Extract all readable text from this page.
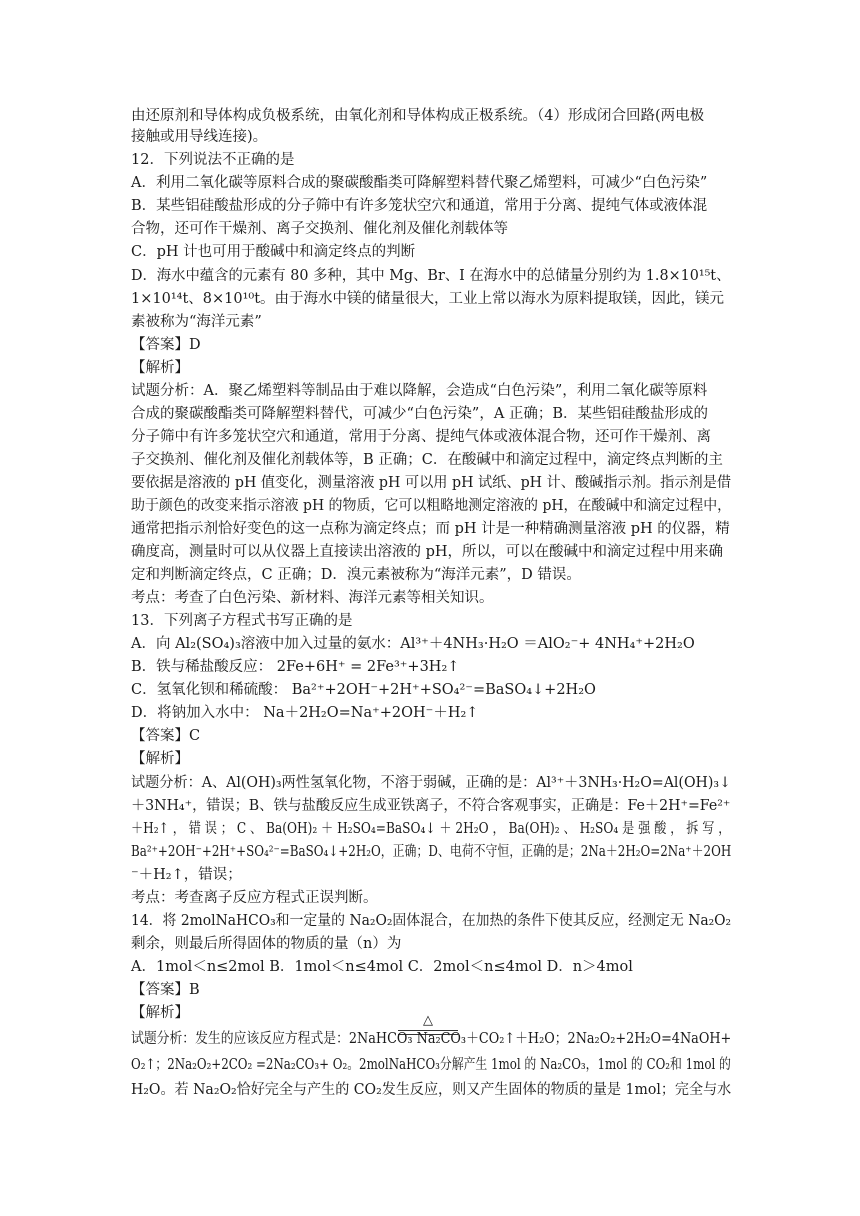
由还原剂和导体构成负极系统，由氧化剂和导体构成正极系统。（4）形成闭合回路(两电极
接触或用导线连接)。
12．下列说法不正确的是
A．利用二氧化碳等原料合成的聚碳酸酯类可降解塑料替代聚乙烯塑料，可减少“白色污染”
B．某些铝硅酸盐形成的分子筛中有许多笼状空穴和通道，常用于分离、提纯气体或液体混
合物，还可作干燥剂、离子交换剂、催化剂及催化剂载体等
C．pH 计也可用于酸碱中和滴定终点的判断
D．海水中蕴含的元素有 80 多种，其中 Mg、Br、I 在海水中的总储量分别约为 1.8×10¹⁵t、
1×10¹⁴t、8×10¹⁰t。由于海水中镁的储量很大，工业上常以海水为原料提取镁，因此，镁元
素被称为“海洋元素”
【答案】D
【解析】
试题分析：A．聚乙烯塑料等制品由于难以降解，会造成“白色污染”，利用二氧化碳等原料
合成的聚碳酸酯类可降解塑料替代，可减少“白色污染”，A 正确；B．某些铝硅酸盐形成的
分子筛中有许多笼状空穴和通道，常用于分离、提纯气体或液体混合物，还可作干燥剂、离
子交换剂、催化剂及催化剂载体等，B 正确；C．在酸碱中和滴定过程中，滴定终点判断的主
要依据是溶液的 pH 值变化，测量溶液 pH 可以用 pH 试纸、pH 计、酸碱指示剂。指示剂是借
助于颜色的改变来指示溶液 pH 的物质，它可以粗略地测定溶液的 pH，在酸碱中和滴定过程中，
通常把指示剂恰好变色的这一点称为滴定终点；而 pH 计是一种精确测量溶液 pH 的仪器，精
确度高，测量时可以从仪器上直接读出溶液的 pH，所以，可以在酸碱中和滴定过程中用来确
定和判断滴定终点，C 正确；D．溴元素被称为“海洋元素”，D 错误。
考点：考查了白色污染、新材料、海洋元素等相关知识。
13．下列离子方程式书写正确的是
A．向 Al₂(SO₄)₃溶液中加入过量的氨水：Al³⁺＋4NH₃·H₂O ＝AlO₂⁻+ 4NH₄⁺+2H₂O
B．铁与稀盐酸反应： 2Fe+6H⁺ = 2Fe³⁺+3H₂↑
C．氢氧化钡和稀硫酸： Ba²⁺+2OH⁻+2H⁺+SO₄²⁻=BaSO₄↓+2H₂O
D．将钠加入水中： Na＋2H₂O=Na⁺+2OH⁻＋H₂↑
【答案】C
【解析】
试题分析：A、Al(OH)₃两性氢氧化物，不溶于弱碱，正确的是：Al³⁺＋3NH₃·H₂O=Al(OH)₃↓
＋3NH₄⁺，错误；B、铁与盐酸反应生成亚铁离子，不符合客观事实，正确是：Fe＋2H⁺=Fe²⁺
＋H₂↑ ， 错 误 ； C 、 Ba(OH)₂ ＋ H₂SO₄=BaSO₄↓ ＋ 2H₂O ， Ba(OH)₂ 、 H₂SO₄ 是 强 酸 ， 拆 写 ，
Ba²⁺+2OH⁻+2H⁺+SO₄²⁻=BaSO₄↓+2H₂O，正确；D、电荷不守恒，正确的是；2Na＋2H₂O=2Na⁺＋2OH
⁻＋H₂↑，错误；
考点：考查离子反应方程式正误判断。
14．将 2molNaHCO₃和一定量的 Na₂O₂固体混合，在加热的条件下使其反应，经测定无 Na₂O₂
剩余，则最后所得固体的物质的量（n）为
A．1mol＜n≤2mol B．1mol＜n≤4mol C．2mol＜n≤4mol D．n＞4mol
【答案】B
【解析】	△
试题分析：发生的应该反应方程式是：2NaHCO₃ Na₂CO₃＋CO₂↑＋H₂O；2Na₂O₂+2H₂O=4NaOH+
O₂↑；2Na₂O₂+2CO₂ =2Na₂CO₃+ O₂。2molNaHCO₃分解产生 1mol 的 Na₂CO₃，1mol 的 CO₂和 1mol 的
H₂O。若 Na₂O₂恰好完全与产生的 CO₂发生反应，则又产生固体的物质的量是 1mol；完全与水
